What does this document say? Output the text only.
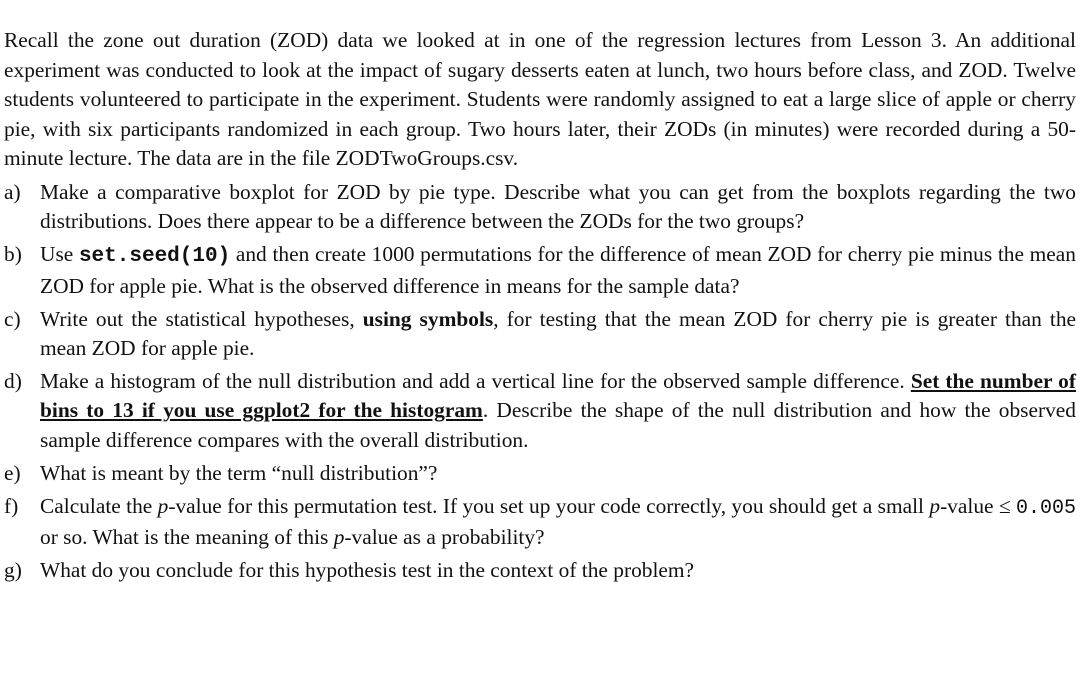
Recall the zone out duration (ZOD) data we looked at in one of the regression lectures from Lesson 3. An additional experiment was conducted to look at the impact of sugary desserts eaten at lunch, two hours before class, and ZOD. Twelve students volunteered to participate in the experiment. Students were randomly assigned to eat a large slice of apple or cherry pie, with six participants randomized in each group. Two hours later, their ZODs (in minutes) were recorded during a 50-minute lecture. The data are in the file ZODTwoGroups.csv.

a) Make a comparative boxplot for ZOD by pie type. Describe what you can get from the boxplots regarding the two distributions. Does there appear to be a difference between the ZODs for the two groups?
b) Use set.seed(10) and then create 1000 permutations for the difference of mean ZOD for cherry pie minus the mean ZOD for apple pie. What is the observed difference in means for the sample data?
c) Write out the statistical hypotheses, using symbols, for testing that the mean ZOD for cherry pie is greater than the mean ZOD for apple pie.
d) Make a histogram of the null distribution and add a vertical line for the observed sample difference. Set the number of bins to 13 if you use ggplot2 for the histogram. Describe the shape of the null distribution and how the observed sample difference compares with the overall distribution.
e) What is meant by the term “null distribution”?
f)	Calculate the p-value for this permutation test. If you set up your code correctly, you should get a small p-value ≤ 0.005 or so. What is the meaning of this p-value as a probability?
g) What do you conclude for this hypothesis test in the context of the problem?
